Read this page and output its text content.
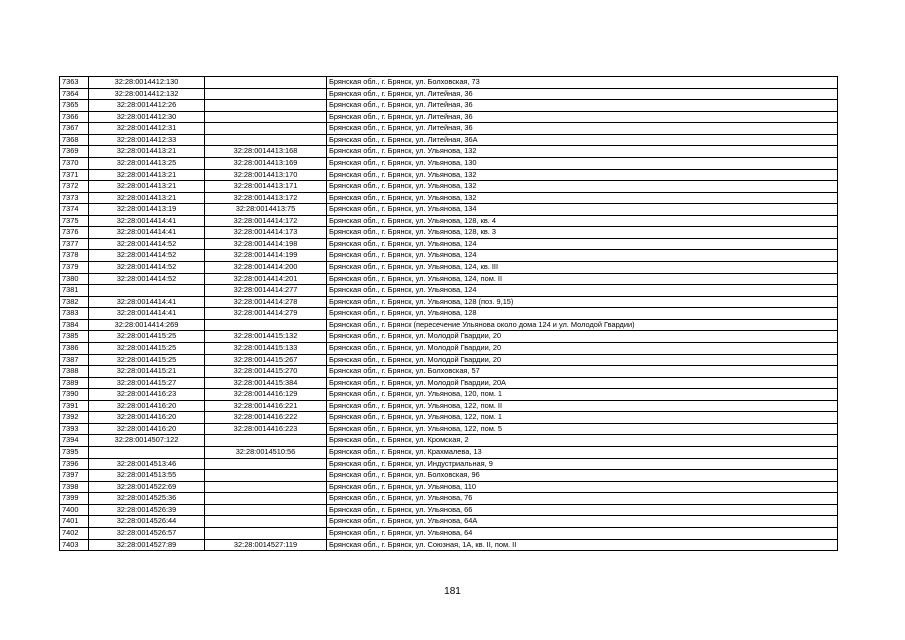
7363	32:28:0014412:130		Брянская обл., г. Брянск, ул. Болховская, 73
7364	32:28:0014412:132		Брянская обл., г. Брянск, ул. Литейная, 36
7365	32:28:0014412:26		Брянская обл., г. Брянск, ул. Литейная, 36
7366	32:28:0014412:30		Брянская обл., г. Брянск, ул. Литейная, 36
7367	32:28:0014412:31		Брянская обл., г. Брянск, ул. Литейная, 36
7368	32:28:0014412:33		Брянская обл., г. Брянск, ул. Литейная, 36А
7369	32:28:0014413:21	32:28:0014413:168	Брянская обл., г. Брянск, ул. Ульянова, 132
7370	32:28:0014413:25	32:28:0014413:169	Брянская обл., г. Брянск, ул. Ульянова, 130
7371	32:28:0014413:21	32:28:0014413:170	Брянская обл., г. Брянск, ул. Ульянова, 132
7372	32:28:0014413:21	32:28:0014413:171	Брянская обл., г. Брянск, ул. Ульянова, 132
7373	32:28:0014413:21	32:28:0014413:172	Брянская обл., г. Брянск, ул. Ульянова, 132
7374	32:28:0014413:19	32:28:0014413:75	Брянская обл., г. Брянск, ул. Ульянова, 134
7375	32:28:0014414:41	32:28:0014414:172	Брянская обл., г. Брянск, ул. Ульянова, 128, кв. 4
7376	32:28:0014414:41	32:28:0014414:173	Брянская обл., г. Брянск, ул. Ульянова, 128, кв. 3
7377	32:28:0014414:52	32:28:0014414:198	Брянская обл., г. Брянск, ул. Ульянова, 124
7378	32:28:0014414:52	32:28:0014414:199	Брянская обл., г. Брянск, ул. Ульянова, 124
7379	32:28:0014414:52	32:28:0014414:200	Брянская обл., г. Брянск, ул. Ульянова, 124, кв. III
7380	32:28:0014414:52	32:28:0014414:201	Брянская обл., г. Брянск, ул. Ульянова, 124, пом. II
7381		32:28:0014414:277	Брянская обл., г. Брянск, ул. Ульянова, 124
7382	32:28:0014414:41	32:28:0014414:278	Брянская обл., г. Брянск, ул. Ульянова, 128 (поз. 9,15)
7383	32:28:0014414:41	32:28:0014414:279	Брянская обл., г. Брянск, ул. Ульянова, 128
7384	32:28:0014414:269		Брянская обл., г. Брянск (пересечение Ульянова около дома 124 и ул. Молодой Гвардии)
7385	32:28:0014415:25	32:28:0014415:132	Брянская обл., г. Брянск, ул. Молодой Гвардии, 20
7386	32:28:0014415:25	32:28:0014415:133	Брянская обл., г. Брянск, ул. Молодой Гвардии, 20
7387	32:28:0014415:25	32:28:0014415:267	Брянская обл., г. Брянск, ул. Молодой Гвардии, 20
7388	32:28:0014415:21	32:28:0014415:270	Брянская обл., г. Брянск, ул. Болховская, 57
7389	32:28:0014415:27	32:28:0014415:384	Брянская обл., г. Брянск, ул. Молодой Гвардии, 20А
7390	32:28:0014416:23	32:28:0014416:129	Брянская обл., г. Брянск, ул. Ульянова, 120, пом. 1
7391	32:28:0014416:20	32:28:0014416:221	Брянская обл., г. Брянск, ул. Ульянова, 122, пом. II
7392	32:28:0014416:20	32:28:0014416:222	Брянская обл., г. Брянск, ул. Ульянова, 122, пом. 1
7393	32:28:0014416:20	32:28:0014416:223	Брянская обл., г. Брянск, ул. Ульянова, 122, пом. 5
7394	32:28:0014507:122		Брянская обл., г. Брянск, ул. Кромская, 2
7395		32:28:0014510:56	Брянская обл., г. Брянск, ул. Крахмалева, 13
7396	32:28:0014513:46		Брянская обл., г. Брянск, ул. Индустриальная, 9
7397	32:28:0014513:55		Брянская обл., г. Брянск, ул. Болховская, 96
7398	32:28:0014522:69		Брянская обл., г. Брянск, ул. Ульянова, 110
7399	32:28:0014525:36		Брянская обл., г. Брянск, ул. Ульянова, 76
7400	32:28:0014526:39		Брянская обл., г. Брянск, ул. Ульянова, 66
7401	32:28:0014526:44		Брянская обл., г. Брянск, ул. Ульянова, 64А
7402	32:28:0014526:57		Брянская обл., г. Брянск, ул. Ульянова, 64
7403	32:28:0014527:89	32:28:0014527:119	Брянская обл., г. Брянск, ул. Союзная, 1А, кв. II, пом. II
181
